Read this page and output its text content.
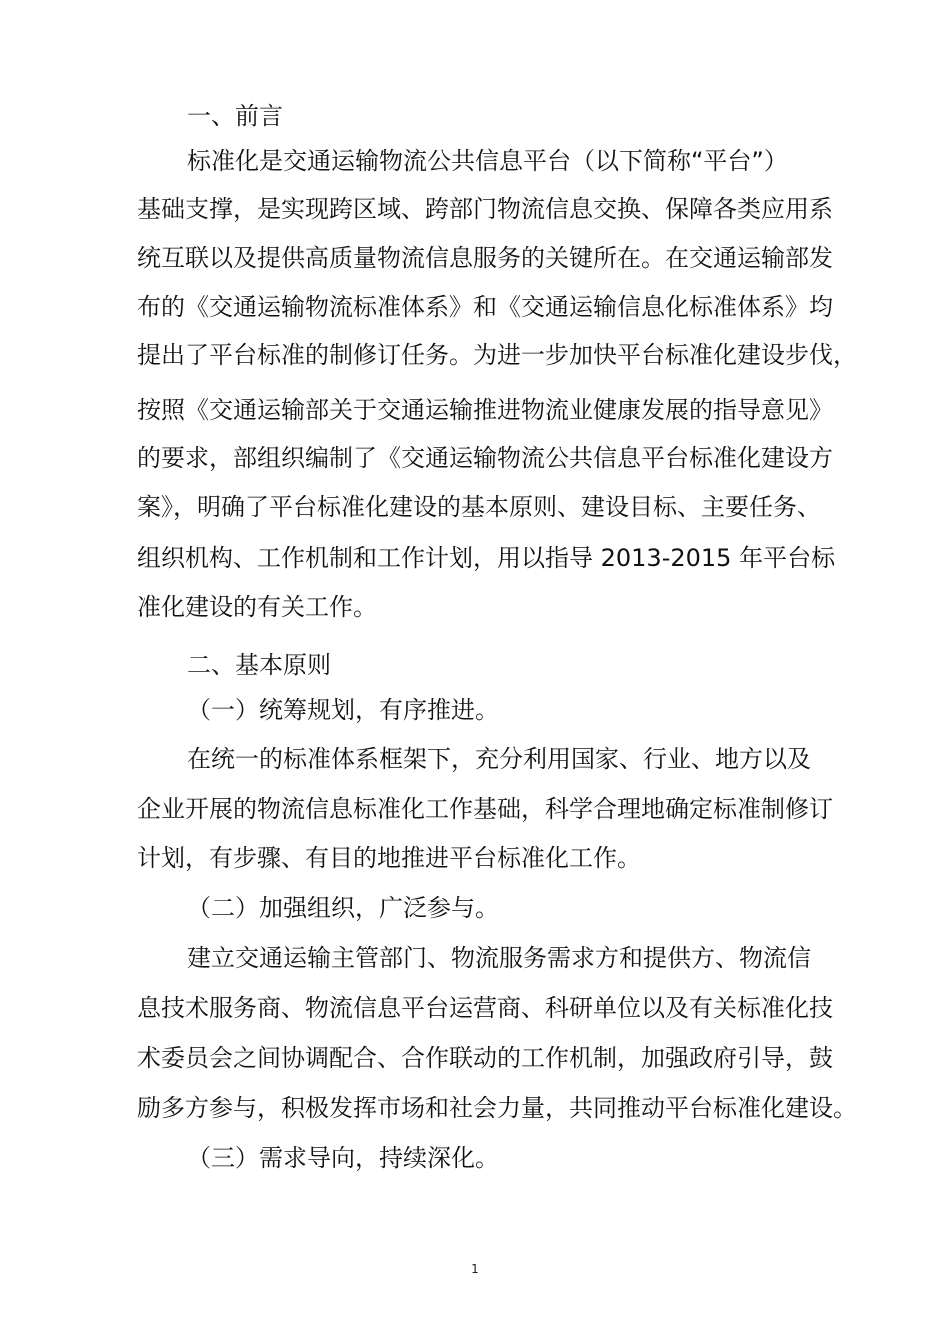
一、前言
标准化是交通运输物流公共信息平台（以下简称“平台”）
基础支撑，是实现跨区域、跨部门物流信息交换、保障各类应用系
统互联以及提供高质量物流信息服务的关键所在。在交通运输部发
布的《交通运输物流标准体系》和《交通运输信息化标准体系》均
提出了平台标准的制修订任务。为进一步加快平台标准化建设步伐，
按照《交通运输部关于交通运输推进物流业健康发展的指导意见》
的要求，部组织编制了《交通运输物流公共信息平台标准化建设方
案》，明确了平台标准化建设的基本原则、建设目标、主要任务、
组织机构、工作机制和工作计划，用以指导 2013-2015 年平台标
准化建设的有关工作。
二、基本原则
（一）统筹规划，有序推进。
在统一的标准体系框架下，充分利用国家、行业、地方以及
企业开展的物流信息标准化工作基础，科学合理地确定标准制修订
计划，有步骤、有目的地推进平台标准化工作。
（二）加强组织，广泛参与。
建立交通运输主管部门、物流服务需求方和提供方、物流信
息技术服务商、物流信息平台运营商、科研单位以及有关标准化技
术委员会之间协调配合、合作联动的工作机制，加强政府引导，鼓
励多方参与，积极发挥市场和社会力量，共同推动平台标准化建设。
（三）需求导向，持续深化。
1
